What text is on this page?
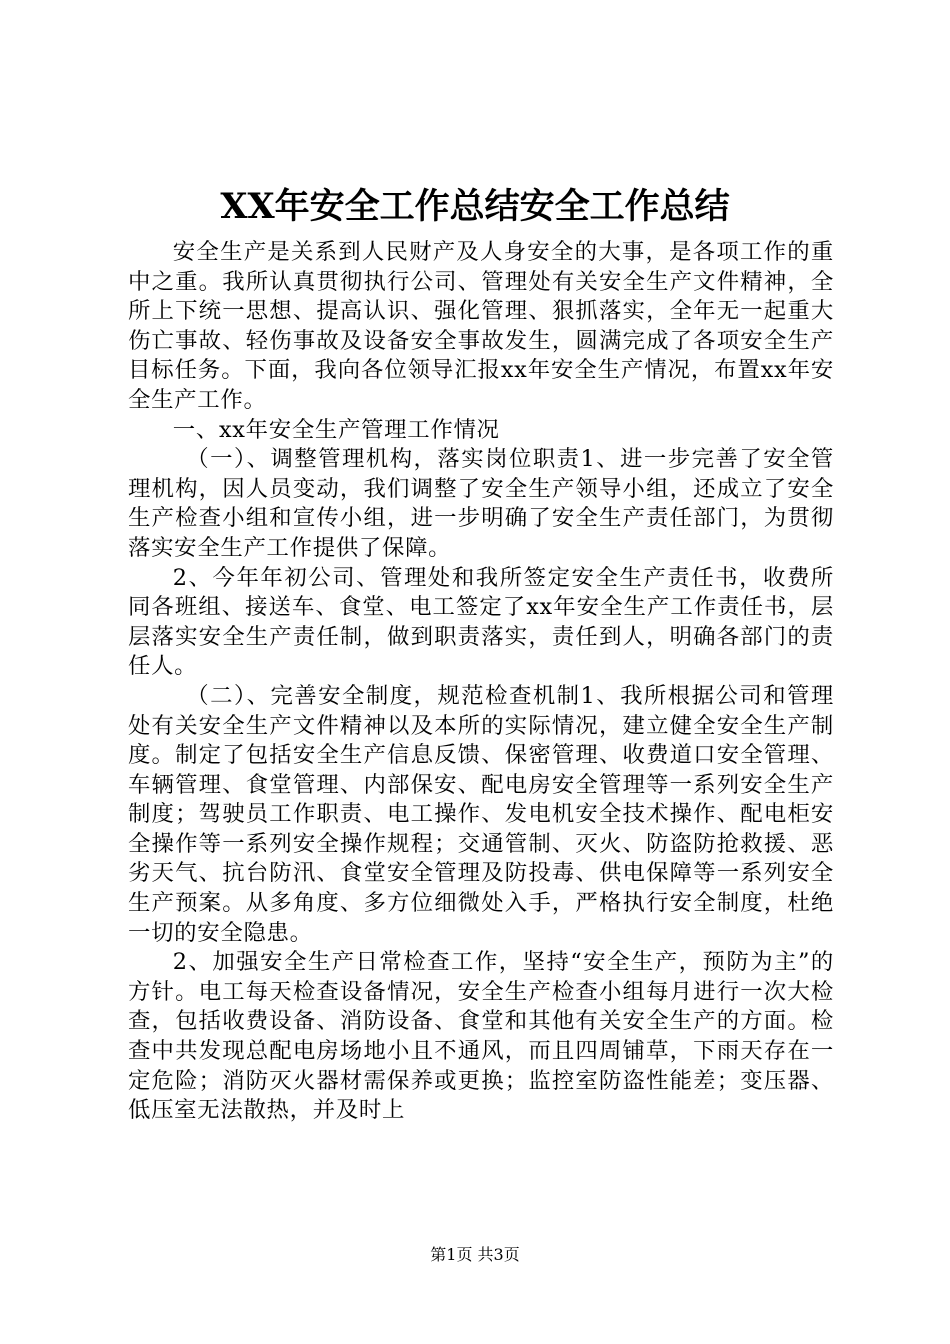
XX年安全工作总结安全工作总结

安全生产是关系到人民财产及人身安全的大事，是各项工作的重中之重。我所认真贯彻执行公司、管理处有关安全生产文件精神，全所上下统一思想、提高认识、强化管理、狠抓落实，全年无一起重大伤亡事故、轻伤事故及设备安全事故发生，圆满完成了各项安全生产目标任务。下面，我向各位领导汇报xx年安全生产情况，布置xx年安全生产工作。

一、xx年安全生产管理工作情况

（一）、调整管理机构，落实岗位职责1、进一步完善了安全管理机构，因人员变动，我们调整了安全生产领导小组，还成立了安全生产检查小组和宣传小组，进一步明确了安全生产责任部门，为贯彻落实安全生产工作提供了保障。

2、今年年初公司、管理处和我所签定安全生产责任书，收费所同各班组、接送车、食堂、电工签定了xx年安全生产工作责任书，层层落实安全生产责任制，做到职责落实，责任到人，明确各部门的责任人。

（二）、完善安全制度，规范检查机制1、我所根据公司和管理处有关安全生产文件精神以及本所的实际情况，建立健全安全生产制度。制定了包括安全生产信息反馈、保密管理、收费道口安全管理、车辆管理、食堂管理、内部保安、配电房安全管理等一系列安全生产制度；驾驶员工作职责、电工操作、发电机安全技术操作、配电柜安全操作等一系列安全操作规程；交通管制、灭火、防盗防抢救援、恶劣天气、抗台防汛、食堂安全管理及防投毒、供电保障等一系列安全生产预案。从多角度、多方位细微处入手，严格执行安全制度，杜绝一切的安全隐患。

2、加强安全生产日常检查工作，坚持“安全生产，预防为主”的方针。电工每天检查设备情况，安全生产检查小组每月进行一次大检查，包括收费设备、消防设备、食堂和其他有关安全生产的方面。检查中共发现总配电房场地小且不通风，而且四周铺草，下雨天存在一定危险；消防灭火器材需保养或更换；监控室防盗性能差；变压器、低压室无法散热，并及时上

第1页 共3页
